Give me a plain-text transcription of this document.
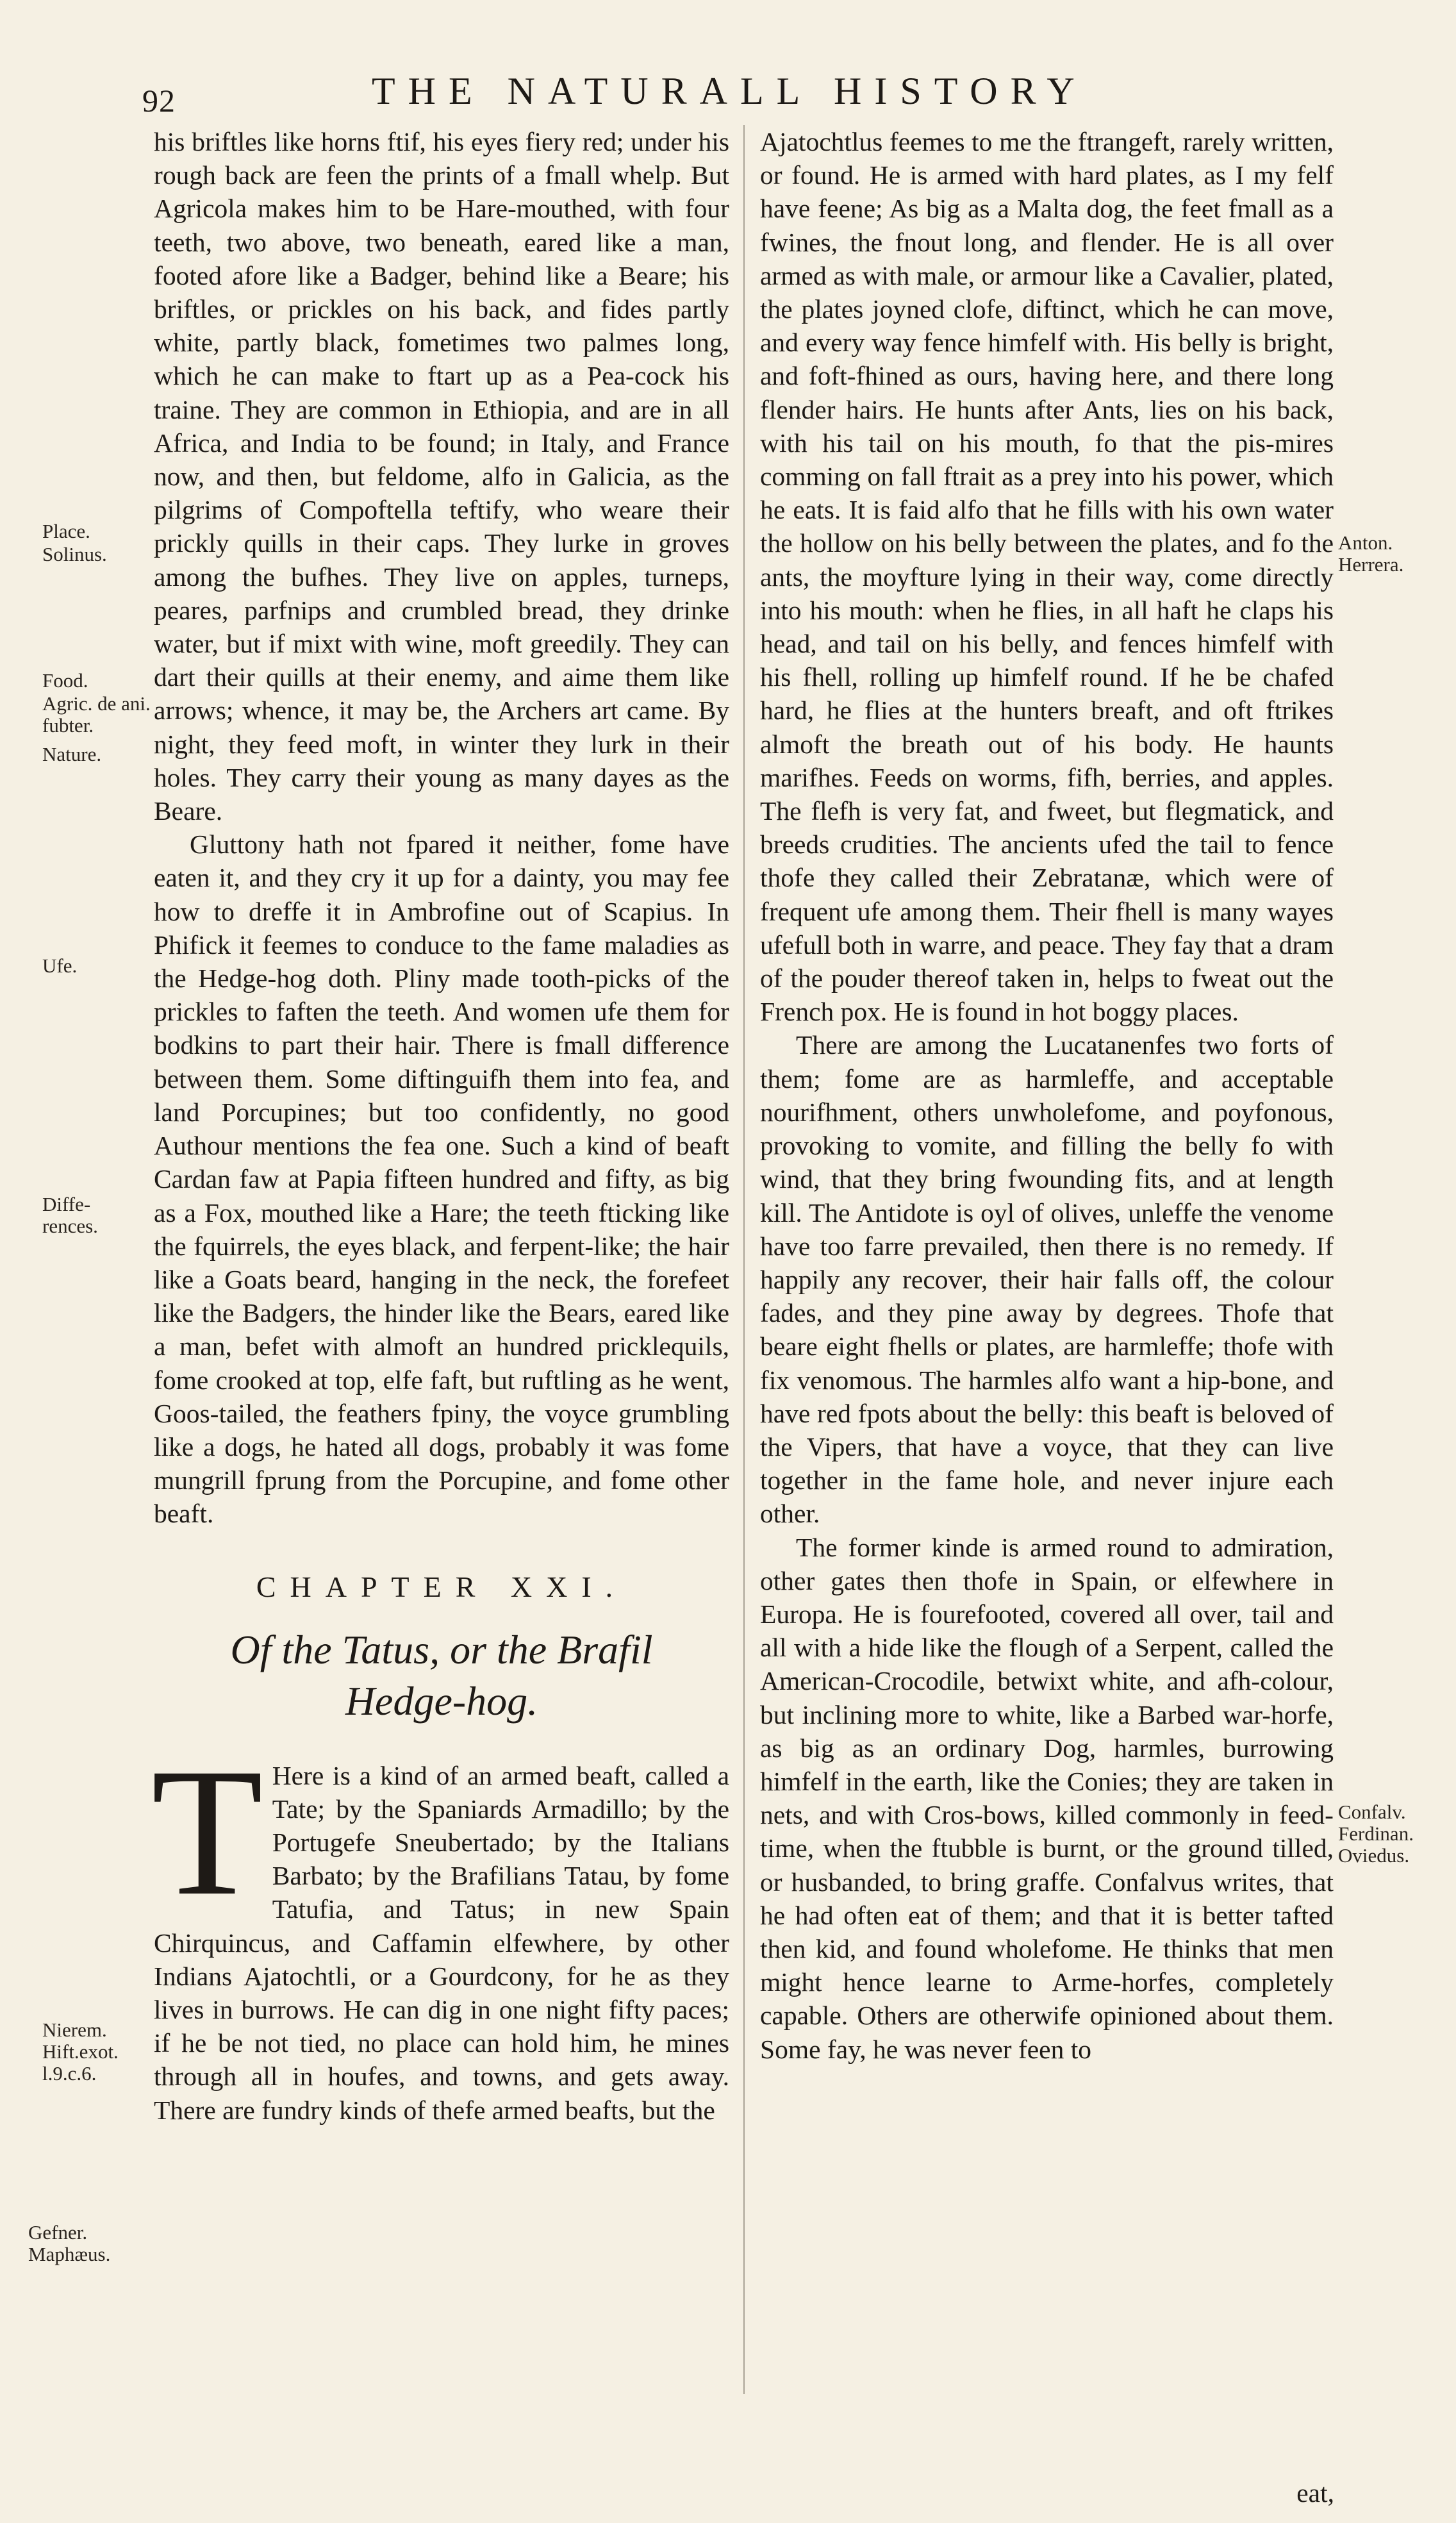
92	THE NATURALL HISTORY

his briftles like horns ftif, his eyes fiery red; under his rough back are feen the prints of a fmall whelp. But Agricola makes him to be Hare-mouthed, with four teeth, two above, two beneath, eared like a man, footed afore like a Badger, behind like a Beare; his briftles, or prickles on his back, and fides partly white, partly black, fometimes two palmes long, which he can make to ftart up as a Pea-cock his traine. They are common in Ethiopia, and are in all Africa, and India to be found; in Italy, and France now, and then, but feldome, alfo in Galicia, as the pilgrims of Compoftella teftify, who weare their prickly quills in their caps. They lurke in groves among the bufhes. They live on apples, turneps, peares, parfnips and crumbled bread, they drinke water, but if mixt with wine, moft greedily. They can dart their quills at their enemy, and aime them like arrows; whence, it may be, the Archers art came. By night, they feed moft, in winter they lurk in their holes. They carry their young as many dayes as the Beare.

Gluttony hath not fpared it neither, fome have eaten it, and they cry it up for a dainty, you may fee how to dreffe it in Ambrofine out of Scapius. In Phifick it feemes to conduce to the fame maladies as the Hedge-hog doth. Pliny made tooth-picks of the prickles to faften the teeth. And women ufe them for bodkins to part their hair. There is fmall difference between them. Some diftinguifh them into fea, and land Porcupines; but too confidently, no good Authour mentions the fea one. Such a kind of beaft Cardan faw at Papia fifteen hundred and fifty, as big as a Fox, mouthed like a Hare; the teeth fticking like the fquirrels, the eyes black, and ferpent-like; the hair like a Goats beard, hanging in the neck, the forefeet like the Badgers, the hinder like the Bears, eared like a man, befet with almoft an hundred pricklequils, fome crooked at top, elfe faft, but ruftling as he went, Goos-tailed, the feathers fpiny, the voyce grumbling like a dogs, he hated all dogs, probably it was fome mungrill fprung from the Porcupine, and fome other beaft.

CHAPTER XXI.
Of the Tatus, or the Brafil Hedge-hog.

T Here is a kind of an armed beaft, called a Tate; by the Spaniards Armadillo; by the Portugefe Sneubertado; by the Italians Barbato; by the Brafilians Tatau, by fome Tatufia, and Tatus; in new Spain Chirquincus, and Caffamin elfewhere, by other Indians Ajatochtli, or a Gourdcony, for he as they lives in burrows. He can dig in one night fifty paces; if he be not tied, no place can hold him, he mines through all in houfes, and towns, and gets away. There are fundry kinds of thefe armed beafts, but the

Ajatochtlus feemes to me the ftrangeft, rarely written, or found. He is armed with hard plates, as I my felf have feene; As big as a Malta dog, the feet fmall as a fwines, the fnout long, and flender. He is all over armed as with male, or armour like a Cavalier, plated, the plates joyned clofe, diftinct, which he can move, and every way fence himfelf with. His belly is bright, and foft-fhined as ours, having here, and there long flender hairs. He hunts after Ants, lies on his back, with his tail on his mouth, fo that the pis-mires comming on fall ftrait as a prey into his power, which he eats. It is faid alfo that he fills with his own water the hollow on his belly between the plates, and fo the ants, the moyfture lying in their way, come directly into his mouth: when he flies, in all haft he claps his head, and tail on his belly, and fences himfelf with his fhell, rolling up himfelf round. If he be chafed hard, he flies at the hunters breaft, and oft ftrikes almoft the breath out of his body. He haunts marifhes. Feeds on worms, fifh, berries, and apples. The flefh is very fat, and fweet, but flegmatick, and breeds crudities. The ancients ufed the tail to fence thofe they called their Zebratanæ, which were of frequent ufe among them. Their fhell is many wayes ufefull both in warre, and peace. They fay that a dram of the pouder thereof taken in, helps to fweat out the French pox. He is found in hot boggy places.

There are among the Lucatanenfes two forts of them; fome are as harmleffe, and acceptable nourifhment, others unwholefome, and poyfonous, provoking to vomite, and filling the belly fo with wind, that they bring fwounding fits, and at length kill. The Antidote is oyl of olives, unleffe the venome have too farre prevailed, then there is no remedy. If happily any recover, their hair falls off, the colour fades, and they pine away by degrees. Thofe that beare eight fhells or plates, are harmleffe; thofe with fix venomous. The harmles alfo want a hip-bone, and have red fpots about the belly: this beaft is beloved of the Vipers, that have a voyce, that they can live together in the fame hole, and never injure each other.

The former kinde is armed round to admiration, other gates then thofe in Spain, or elfewhere in Europa. He is fourefooted, covered all over, tail and all with a hide like the flough of a Serpent, called the American-Crocodile, betwixt white, and afh-colour, but inclining more to white, like a Barbed war-horfe, as big as an ordinary Dog, harmles, burrowing himfelf in the earth, like the Conies; they are taken in nets, and with Cros-bows, killed commonly in feed-time, when the ftubble is burnt, or the ground tilled, or husbanded, to bring graffe. Confalvus writes, that he had often eat of them; and that it is better tafted then kid, and found wholefome. He thinks that men might hence learne to Arme-horfes, completely capable. Others are otherwife opinioned about them. Some fay, he was never feen to

eat,
Place.
Solinus.
Food.
Agric. de ani. fubter.
Nature.
Ufe.
Diffe-rences.
Nierem. Hift.exot. l.9.c.6.
Gefner. Maphæus.
Anton. Herrera.
Confalv. Ferdinan. Oviedus.
